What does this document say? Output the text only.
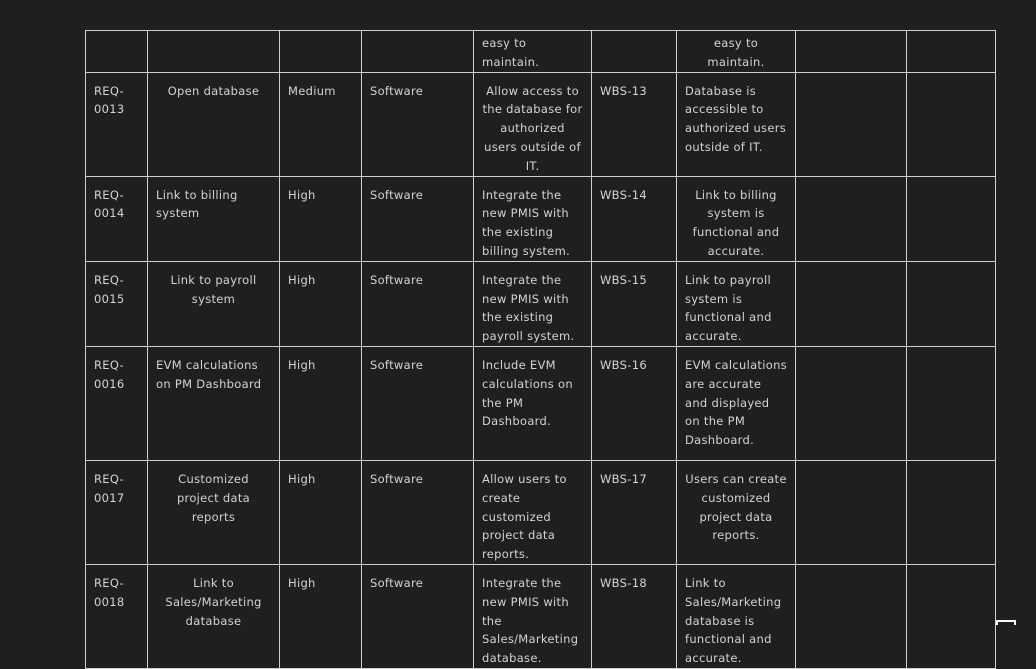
				easy to maintain.		easy to maintain.		
REQ-0013	Open database	Medium	Software	Allow access to the database for authorized users outside of IT.	WBS-13	Database is accessible to authorized users outside of IT.		
REQ-0014	Link to billing system	High	Software	Integrate the new PMIS with the existing billing system.	WBS-14	Link to billing system is functional and accurate.		
REQ-0015	Link to payroll system	High	Software	Integrate the new PMIS with the existing payroll system.	WBS-15	Link to payroll system is functional and accurate.		
REQ-0016	EVM calculations on PM Dashboard	High	Software	Include EVM calculations on the PM Dashboard.	WBS-16	EVM calculations are accurate and displayed on the PM Dashboard.		
REQ-0017	Customized project data reports	High	Software	Allow users to create customized project data reports.	WBS-17	Users can create customized project data reports.		
REQ-0018	Link to Sales/Marketing database	High	Software	Integrate the new PMIS with the Sales/Marketing database.	WBS-18	Link to Sales/Marketing database is functional and accurate.		
